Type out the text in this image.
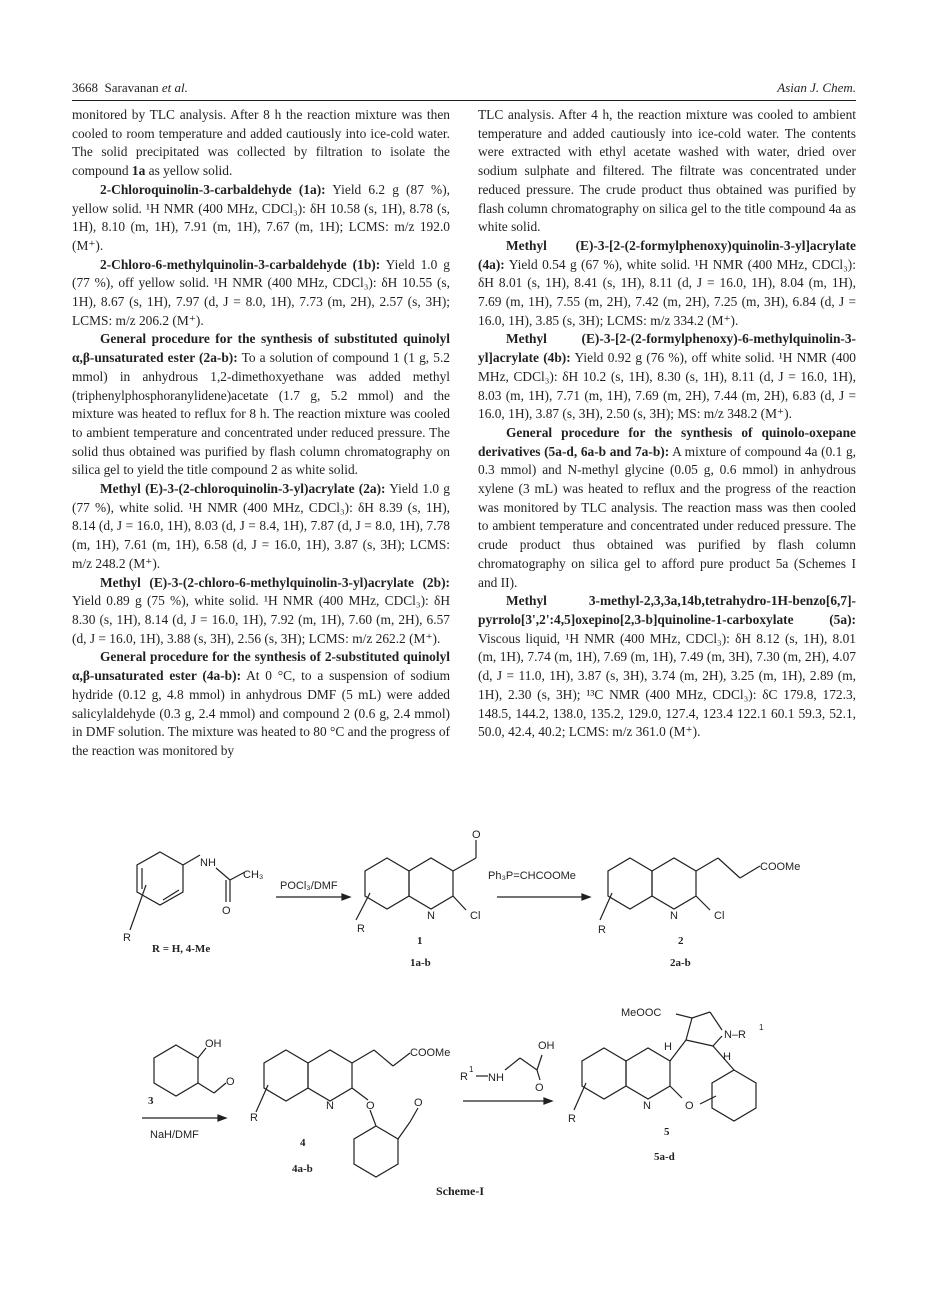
3668 Saravanan et al.	Asian J. Chem.

monitored by TLC analysis. After 8 h the reaction mixture was then cooled to room temperature and added cautiously into ice-cold water. The solid precipitated was collected by filtration to isolate the compound 1a as yellow solid.

2-Chloroquinolin-3-carbaldehyde (1a): Yield 6.2 g (87 %), yellow solid. ¹H NMR (400 MHz, CDCl₃): δH 10.58 (s, 1H), 8.78 (s, 1H), 8.10 (m, 1H), 7.91 (m, 1H), 7.67 (m, 1H); LCMS: m/z 192.0 (M⁺).

2-Chloro-6-methylquinolin-3-carbaldehyde (1b): Yield 1.0 g (77 %), off yellow solid. ¹H NMR (400 MHz, CDCl₃): δH 10.55 (s, 1H), 8.67 (s, 1H), 7.97 (d, J = 8.0, 1H), 7.73 (m, 2H), 2.57 (s, 3H); LCMS: m/z 206.2 (M⁺).

General procedure for the synthesis of substituted quinolyl α,β-unsaturated ester (2a-b): To a solution of compound 1 (1 g, 5.2 mmol) in anhydrous 1,2-dimethoxyethane was added methyl (triphenylphosphoranylidene)acetate (1.7 g, 5.2 mmol) and the mixture was heated to reflux for 8 h. The reaction mixture was cooled to ambient temperature and concentrated under reduced pressure. The solid thus obtained was purified by flash column chromatography on silica gel to yield the title compound 2 as white solid.

Methyl (E)-3-(2-chloroquinolin-3-yl)acrylate (2a): Yield 1.0 g (77 %), white solid. ¹H NMR (400 MHz, CDCl₃): δH 8.39 (s, 1H), 8.14 (d, J = 16.0, 1H), 8.03 (d, J = 8.4, 1H), 7.87 (d, J = 8.0, 1H), 7.78 (m, 1H), 7.61 (m, 1H), 6.58 (d, J = 16.0, 1H), 3.87 (s, 3H); LCMS: m/z 248.2 (M⁺).

Methyl (E)-3-(2-chloro-6-methylquinolin-3-yl)acrylate (2b): Yield 0.89 g (75 %), white solid. ¹H NMR (400 MHz, CDCl₃): δH 8.30 (s, 1H), 8.14 (d, J = 16.0, 1H), 7.92 (m, 1H), 7.60 (m, 2H), 6.57 (d, J = 16.0, 1H), 3.88 (s, 3H), 2.56 (s, 3H); LCMS: m/z 262.2 (M⁺).

General procedure for the synthesis of 2-substituted quinolyl α,β-unsaturated ester (4a-b): At 0 °C, to a suspension of sodium hydride (0.12 g, 4.8 mmol) in anhydrous DMF (5 mL) were added salicylaldehyde (0.3 g, 2.4 mmol) and compound 2 (0.6 g, 2.4 mmol) in DMF solution. The mixture was heated to 80 °C and the progress of the reaction was monitored by

TLC analysis. After 4 h, the reaction mixture was cooled to ambient temperature and added cautiously into ice-cold water. The contents were extracted with ethyl acetate washed with water, dried over sodium sulphate and filtered. The filtrate was concentrated under reduced pressure. The crude product thus obtained was purified by flash column chromatography on silica gel to the title compound 4a as white solid.

Methyl (E)-3-[2-(2-formylphenoxy)quinolin-3-yl]acrylate (4a): Yield 0.54 g (67 %), white solid. ¹H NMR (400 MHz, CDCl₃): δH 8.01 (s, 1H), 8.41 (s, 1H), 8.11 (d, J = 16.0, 1H), 8.04 (m, 1H), 7.69 (m, 1H), 7.55 (m, 2H), 7.42 (m, 2H), 7.25 (m, 3H), 6.84 (d, J = 16.0, 1H), 3.85 (s, 3H); LCMS: m/z 334.2 (M⁺).

Methyl (E)-3-[2-(2-formylphenoxy)-6-methylquinolin-3-yl]acrylate (4b): Yield 0.92 g (76 %), off white solid. ¹H NMR (400 MHz, CDCl₃): δH 10.2 (s, 1H), 8.30 (s, 1H), 8.11 (d, J = 16.0, 1H), 8.03 (m, 1H), 7.71 (m, 1H), 7.69 (m, 2H), 7.44 (m, 2H), 6.83 (d, J = 16.0, 1H), 3.87 (s, 3H), 2.50 (s, 3H); MS: m/z 348.2 (M⁺).

General procedure for the synthesis of quinolo-oxepane derivatives (5a-d, 6a-b and 7a-b): A mixture of compound 4a (0.1 g, 0.3 mmol) and N-methyl glycine (0.05 g, 0.6 mmol) in anhydrous xylene (3 mL) was heated to reflux and the progress of the reaction was monitored by TLC analysis. The reaction mass was then cooled to ambient temperature and concentrated under reduced pressure. The crude product thus obtained was purified by flash column chromatography on silica gel to afford pure product 5a (Schemes I and II).

Methyl 3-methyl-2,3,3a,14b,tetrahydro-1H-benzo[6,7]-pyrrolo[3',2':4,5]oxepino[2,3-b]quinoline-1-carboxylate (5a): Viscous liquid, ¹H NMR (400 MHz, CDCl₃): δH 8.12 (s, 1H), 8.01 (m, 1H), 7.74 (m, 1H), 7.69 (m, 1H), 7.49 (m, 3H), 7.30 (m, 2H), 4.07 (d, J = 11.0, 1H), 3.87 (s, 3H), 3.74 (m, 2H), 3.25 (m, 1H), 2.89 (m, 1H), 2.30 (s, 3H); ¹³C NMR (400 MHz, CDCl₃): δC 179.8, 172.3, 148.5, 144.2, 138.0, 135.2, 129.0, 127.4, 123.4 122.1 60.1 59.3, 52.1, 50.0, 42.4, 40.2; LCMS: m/z 361.0 (M⁺).

NH
CH₃
O
R
R = H, 4-Me
POCl₃/DMF
O
N	Cl
R
1
1a-b
Ph₃P=CHCOOMe
COOMe
N	Cl
R
2
2a-b
OH
O
3
NaH/DMF
COOMe
N	O	O
R
4
4a-b
OH
R
1
NH
O
MeOOC
N–R
1
H
H
N	O
R
5
5a-d
Scheme-I
